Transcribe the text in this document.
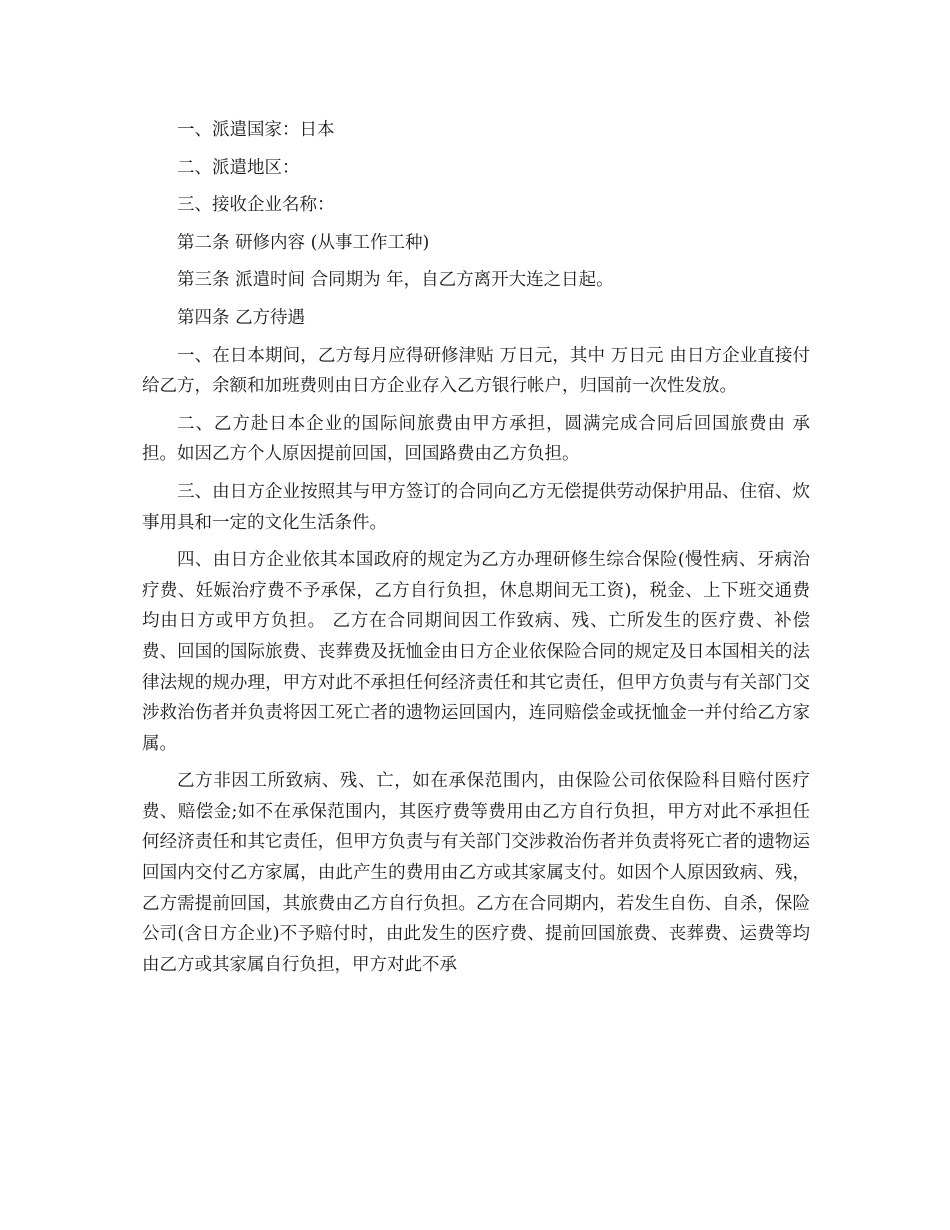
一、派遣国家：日本

二、派遣地区：

三、接收企业名称：

第二条 研修内容 (从事工作工种)

第三条 派遣时间 合同期为 年，自乙方离开大连之日起。

第四条 乙方待遇

一、在日本期间，乙方每月应得研修津贴 万日元，其中 万日元 由日方企业直接付给乙方，余额和加班费则由日方企业存入乙方银行帐户，归国前一次性发放。

二、乙方赴日本企业的国际间旅费由甲方承担，圆满完成合同后回国旅费由 承担。如因乙方个人原因提前回国，回国路费由乙方负担。

三、由日方企业按照其与甲方签订的合同向乙方无偿提供劳动保护用品、住宿、炊事用具和一定的文化生活条件。

四、由日方企业依其本国政府的规定为乙方办理研修生综合保险(慢性病、牙病治疗费、妊娠治疗费不予承保，乙方自行负担，休息期间无工资)，税金、上下班交通费均由日方或甲方负担。 乙方在合同期间因工作致病、残、亡所发生的医疗费、补偿费、回国的国际旅费、丧葬费及抚恤金由日方企业依保险合同的规定及日本国相关的法律法规的规办理，甲方对此不承担任何经济责任和其它责任，但甲方负责与有关部门交涉救治伤者并负责将因工死亡者的遗物运回国内，连同赔偿金或抚恤金一并付给乙方家属。

乙方非因工所致病、残、亡，如在承保范围内，由保险公司依保险科目赔付医疗费、赔偿金;如不在承保范围内，其医疗费等费用由乙方自行负担，甲方对此不承担任何经济责任和其它责任，但甲方负责与有关部门交涉救治伤者并负责将死亡者的遗物运回国内交付乙方家属，由此产生的费用由乙方或其家属支付。如因个人原因致病、残，乙方需提前回国，其旅费由乙方自行负担。乙方在合同期内，若发生自伤、自杀，保险公司(含日方企业)不予赔付时，由此发生的医疗费、提前回国旅费、丧葬费、运费等均由乙方或其家属自行负担，甲方对此不承
